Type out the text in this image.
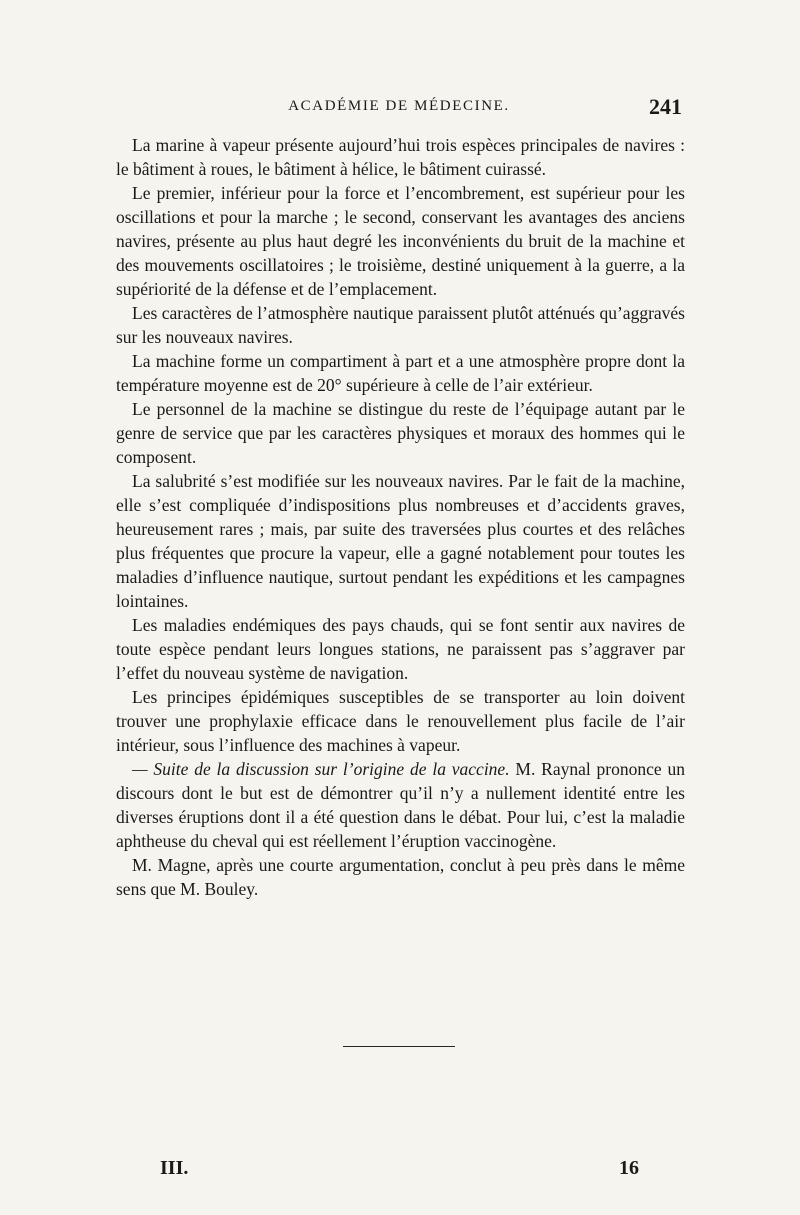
ACADÉMIE DE MÉDECINE.	241

La marine à vapeur présente aujourd’hui trois espèces principales de navires : le bâtiment à roues, le bâtiment à hélice, le bâtiment cuirassé.

Le premier, inférieur pour la force et l’encombrement, est supérieur pour les oscillations et pour la marche ; le second, conservant les avantages des anciens navires, présente au plus haut degré les inconvénients du bruit de la machine et des mouvements oscillatoires ; le troisième, destiné uniquement à la guerre, a la supériorité de la défense et de l’emplacement.

Les caractères de l’atmosphère nautique paraissent plutôt atténués qu’aggravés sur les nouveaux navires.

La machine forme un compartiment à part et a une atmosphère propre dont la température moyenne est de 20° supérieure à celle de l’air extérieur.

Le personnel de la machine se distingue du reste de l’équipage autant par le genre de service que par les caractères physiques et moraux des hommes qui le composent.

La salubrité s’est modifiée sur les nouveaux navires. Par le fait de la machine, elle s’est compliquée d’indispositions plus nombreuses et d’accidents graves, heureusement rares ; mais, par suite des traversées plus courtes et des relâches plus fréquentes que procure la vapeur, elle a gagné notablement pour toutes les maladies d’influence nautique, surtout pendant les expéditions et les campagnes lointaines.

Les maladies endémiques des pays chauds, qui se font sentir aux navires de toute espèce pendant leurs longues stations, ne paraissent pas s’aggraver par l’effet du nouveau système de navigation.

Les principes épidémiques susceptibles de se transporter au loin doivent trouver une prophylaxie efficace dans le renouvellement plus facile de l’air intérieur, sous l’influence des machines à vapeur.

— Suite de la discussion sur l’origine de la vaccine. M. Raynal prononce un discours dont le but est de démontrer qu’il n’y a nullement identité entre les diverses éruptions dont il a été question dans le débat. Pour lui, c’est la maladie aphtheuse du cheval qui est réellement l’éruption vaccinogène.

M. Magne, après une courte argumentation, conclut à peu près dans le même sens que M. Bouley.

III.	16
